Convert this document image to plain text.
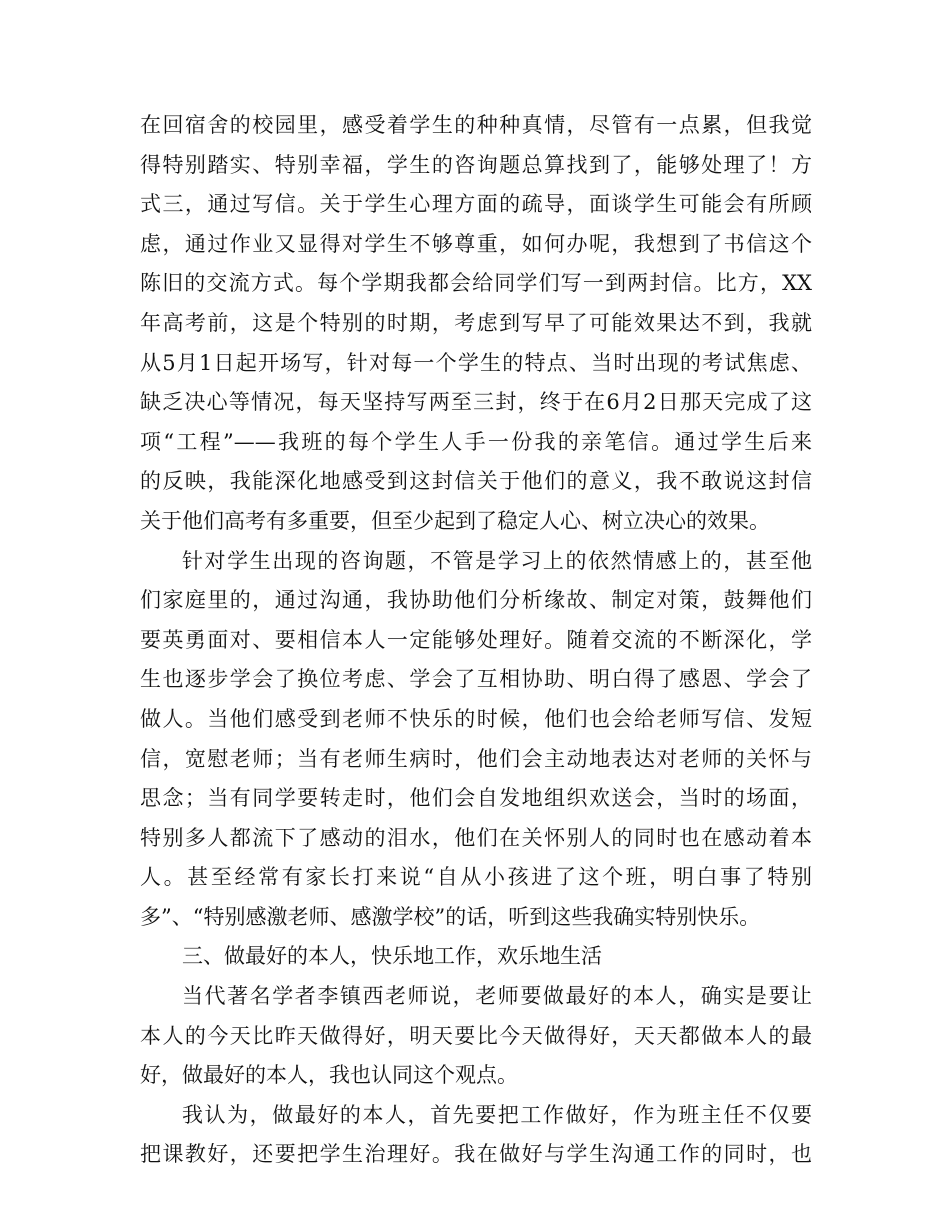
在回宿舍的校园里，感受着学生的种种真情，尽管有一点累，但我觉
得特别踏实、特别幸福，学生的咨询题总算找到了，能够处理了！方
式三，通过写信。关于学生心理方面的疏导，面谈学生可能会有所顾
虑，通过作业又显得对学生不够尊重，如何办呢，我想到了书信这个
陈旧的交流方式。每个学期我都会给同学们写一到两封信。比方，XX
年高考前，这是个特别的时期，考虑到写早了可能效果达不到，我就
从5月1日起开场写，针对每一个学生的特点、当时出现的考试焦虑、
缺乏决心等情况，每天坚持写两至三封，终于在6月2日那天完成了这
项“工程”——我班的每个学生人手一份我的亲笔信。通过学生后来
的反映，我能深化地感受到这封信关于他们的意义，我不敢说这封信
关于他们高考有多重要，但至少起到了稳定人心、树立决心的效果。
针对学生出现的咨询题，不管是学习上的依然情感上的，甚至他
们家庭里的，通过沟通，我协助他们分析缘故、制定对策，鼓舞他们
要英勇面对、要相信本人一定能够处理好。随着交流的不断深化，学
生也逐步学会了换位考虑、学会了互相协助、明白得了感恩、学会了
做人。当他们感受到老师不快乐的时候，他们也会给老师写信、发短
信，宽慰老师；当有老师生病时，他们会主动地表达对老师的关怀与
思念；当有同学要转走时，他们会自发地组织欢送会，当时的场面，
特别多人都流下了感动的泪水，他们在关怀别人的同时也在感动着本
人。甚至经常有家长打来说“自从小孩进了这个班，明白事了特别
多”、“特别感激老师、感激学校”的话，听到这些我确实特别快乐。
三、做最好的本人，快乐地工作，欢乐地生活
当代著名学者李镇西老师说，老师要做最好的本人，确实是要让
本人的今天比昨天做得好，明天要比今天做得好，天天都做本人的最
好，做最好的本人，我也认同这个观点。
我认为，做最好的本人，首先要把工作做好，作为班主任不仅要
把课教好，还要把学生治理好。我在做好与学生沟通工作的同时，也
